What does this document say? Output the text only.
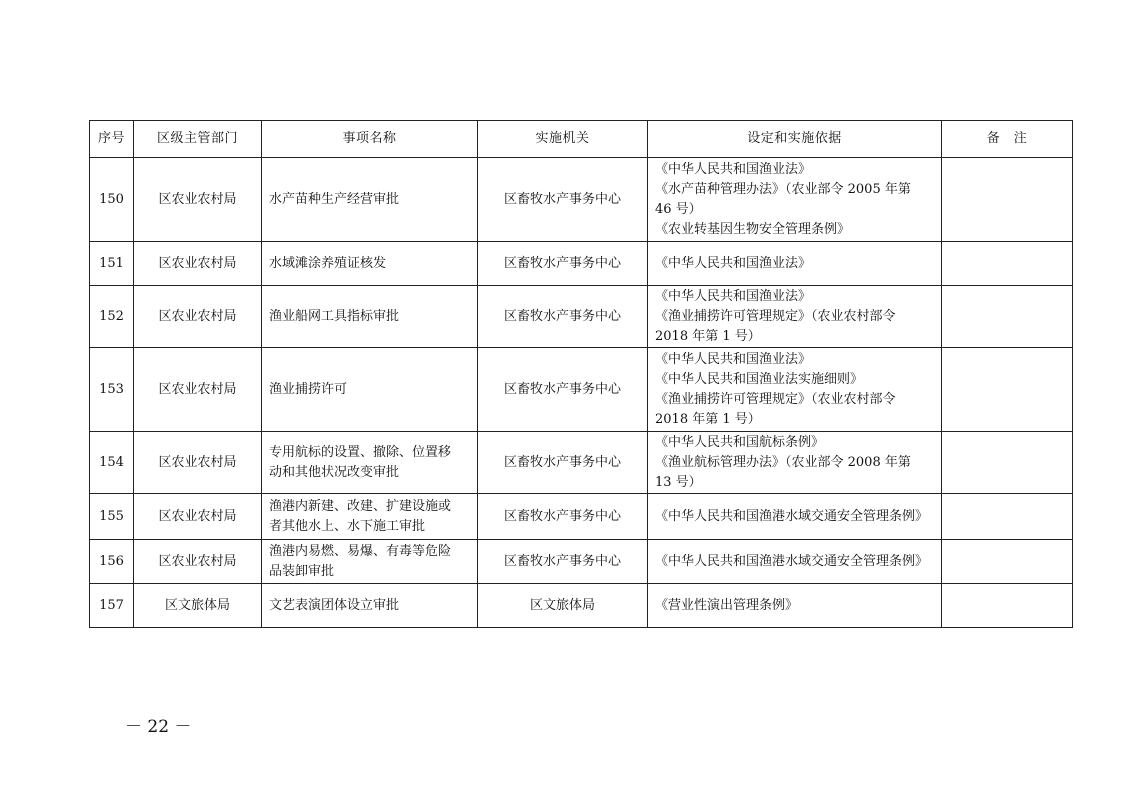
序号	区级主管部门	事项名称	实施机关	设定和实施依据	备　注
150	区农业农村局	水产苗种生产经营审批	区畜牧水产事务中心	《中华人民共和国渔业法》
《水产苗种管理办法》（农业部令 2005 年第
46 号）
《农业转基因生物安全管理条例》	

151	区农业农村局	水域滩涂养殖证核发	区畜牧水产事务中心	《中华人民共和国渔业法》	

152	区农业农村局	渔业船网工具指标审批	区畜牧水产事务中心	《中华人民共和国渔业法》
《渔业捕捞许可管理规定》（农业农村部令
2018 年第 1 号）	

153	区农业农村局	渔业捕捞许可	区畜牧水产事务中心	《中华人民共和国渔业法》
《中华人民共和国渔业法实施细则》
《渔业捕捞许可管理规定》（农业农村部令
2018 年第 1 号）	

154	区农业农村局	专用航标的设置、撤除、位置移
动和其他状况改变审批	区畜牧水产事务中心	《中华人民共和国航标条例》
《渔业航标管理办法》（农业部令 2008 年第
13 号）	

155	区农业农村局	渔港内新建、改建、扩建设施或
者其他水上、水下施工审批	区畜牧水产事务中心	《中华人民共和国渔港水域交通安全管理条例》	

156	区农业农村局	渔港内易燃、易爆、有毒等危险
品装卸审批	区畜牧水产事务中心	《中华人民共和国渔港水域交通安全管理条例》	

157	区文旅体局	文艺表演团体设立审批	区文旅体局	《营业性演出管理条例》	

－ 22 －
